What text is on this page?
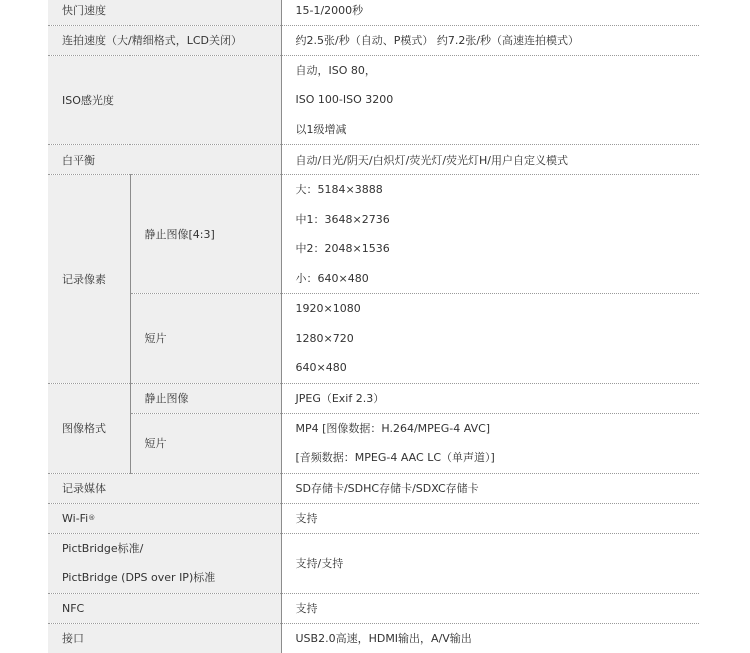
快门速度		15-1/2000秒
连拍速度（大/精细格式，LCD关闭）		约2.5张/秒（自动、P模式） 约7.2张/秒（高速连拍模式）
ISO感光度		自动，ISO 80，
ISO 100-ISO 3200
以1级增减

白平衡		自动/日光/阴天/白炽灯/荧光灯/荧光灯H/用户自定义模式
记录像素	静止图像[4:3]	大：5184×3888
中1：3648×2736
中2：2048×1536
小：640×480

	短片	1920×1080
1280×720
640×480

图像格式	静止图像	JPEG（Exif 2.3）
	短片	MP4 [图像数据：H.264/MPEG-4 AVC]
[音频数据：MPEG-4 AAC LC（单声道）]

记录媒体		SD存储卡/SDHC存储卡/SDXC存储卡
Wi-Fi®		支持

PictBridge标准/
PictBridge (DPS over IP)标准		支持/支持
NFC		支持
接口		USB2.0高速，HDMI输出，A/V输出
